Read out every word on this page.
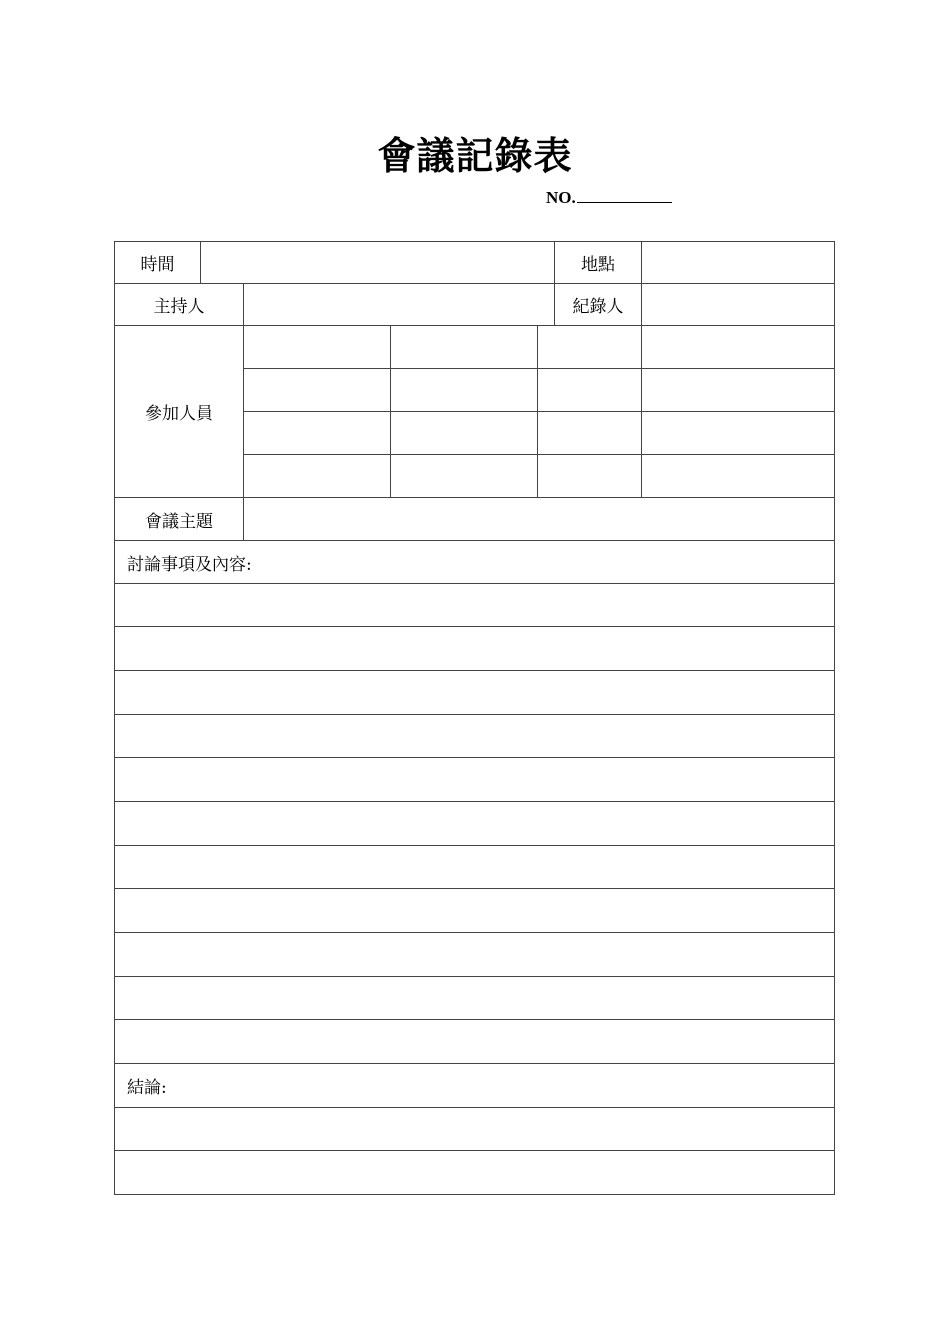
會議記錄表
NO.
時間					地點	
主持人					紀錄人	
參加人員						

會議主題						
討論事項及內容:						

結論:						
